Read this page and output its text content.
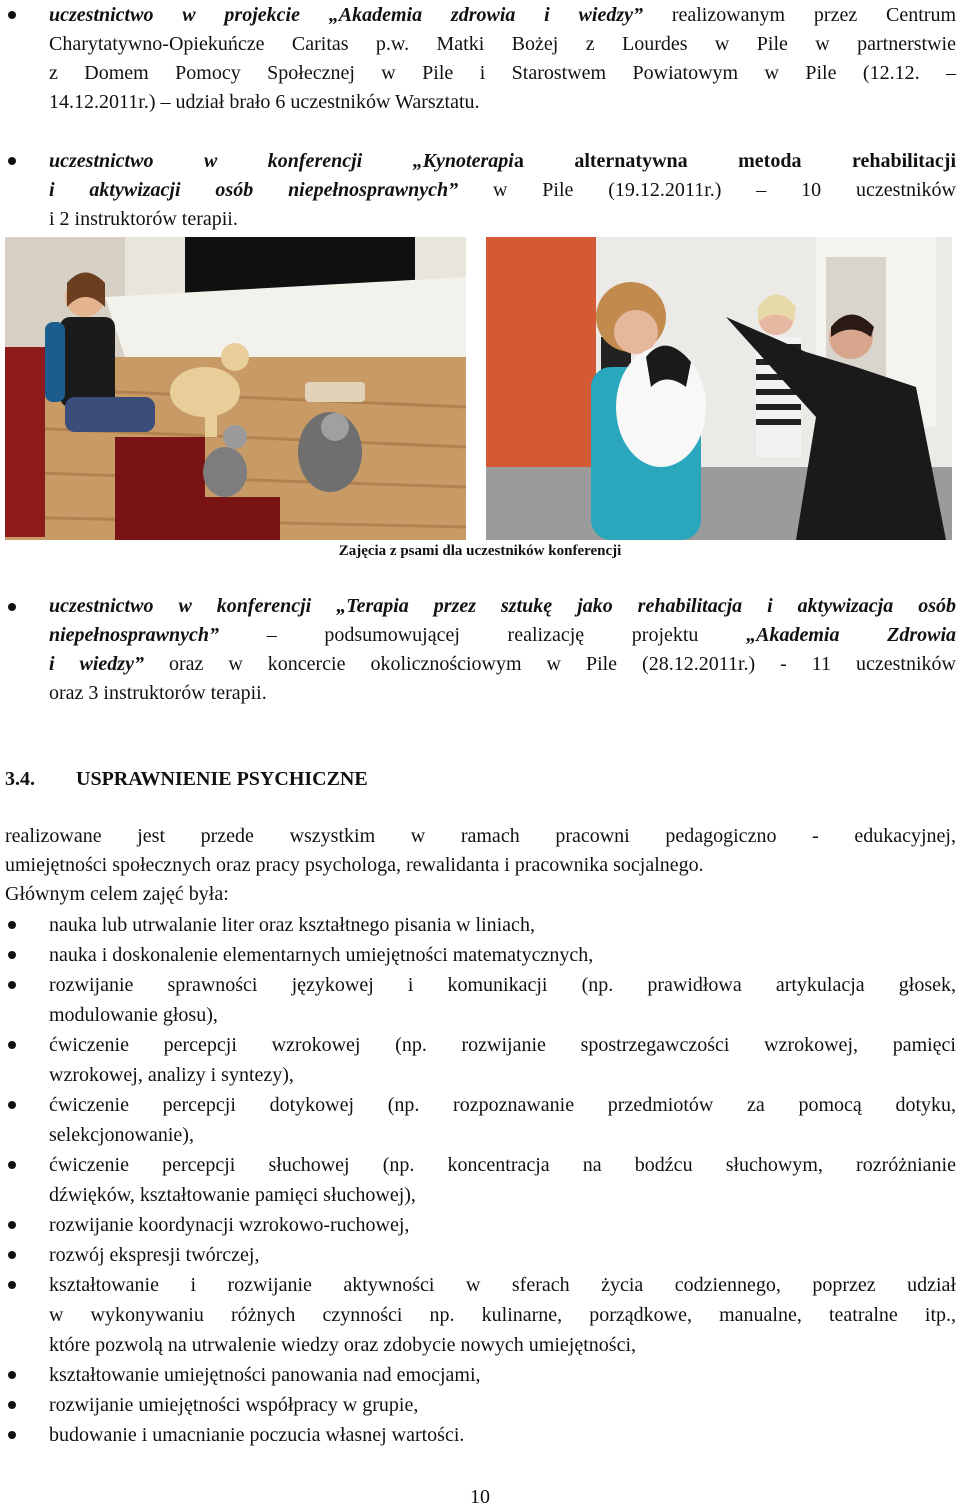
uczestnictwo w projekcie „Akademia zdrowia i wiedzy” realizowanym przez Centrum
Charytatywno-Opiekuńcze Caritas p.w. Matki Bożej z Lourdes w Pile w partnerstwie
z Domem Pomocy Społecznej w Pile i Starostwem Powiatowym w Pile (12.12. –
14.12.2011r.) – udział brało 6 uczestników Warsztatu.
uczestnictwo w konferencji „Kynoterapia alternatywna metoda rehabilitacji
i aktywizacji osób niepełnosprawnych” w Pile (19.12.2011r.) – 10 uczestników
i 2 instruktorów terapii.
Zajęcia z psami dla uczestników konferencji
uczestnictwo w konferencji „Terapia przez sztukę jako rehabilitacja i aktywizacja osób
niepełnosprawnych” – podsumowującej realizację projektu „Akademia Zdrowia
i wiedzy” oraz w koncercie okolicznościowym w Pile (28.12.2011r.) - 11 uczestników
oraz 3 instruktorów terapii.
3.4. USPRAWNIENIE PSYCHICZNE
realizowane jest przede wszystkim w ramach pracowni pedagogiczno - edukacyjnej,
umiejętności społecznych oraz pracy psychologa, rewalidanta i pracownika socjalnego.
Głównym celem zajęć była:
nauka lub utrwalanie liter oraz kształtnego pisania w liniach,
nauka i doskonalenie elementarnych umiejętności matematycznych,
rozwijanie sprawności językowej i komunikacji (np. prawidłowa artykulacja głosek,
modulowanie głosu),
ćwiczenie percepcji wzrokowej (np. rozwijanie spostrzegawczości wzrokowej, pamięci
wzrokowej, analizy i syntezy),
ćwiczenie percepcji dotykowej (np. rozpoznawanie przedmiotów za pomocą dotyku,
selekcjonowanie),
ćwiczenie percepcji słuchowej (np. koncentracja na bodźcu słuchowym, rozróżnianie
dźwięków, kształtowanie pamięci słuchowej),
rozwijanie koordynacji wzrokowo-ruchowej,
rozwój ekspresji twórczej,
kształtowanie i rozwijanie aktywności w sferach życia codziennego, poprzez udział
w wykonywaniu różnych czynności np. kulinarne, porządkowe, manualne, teatralne itp.,
które pozwolą na utrwalenie wiedzy oraz zdobycie nowych umiejętności,
kształtowanie umiejętności panowania nad emocjami,
rozwijanie umiejętności współpracy w grupie,
budowanie i umacnianie poczucia własnej wartości.
10
